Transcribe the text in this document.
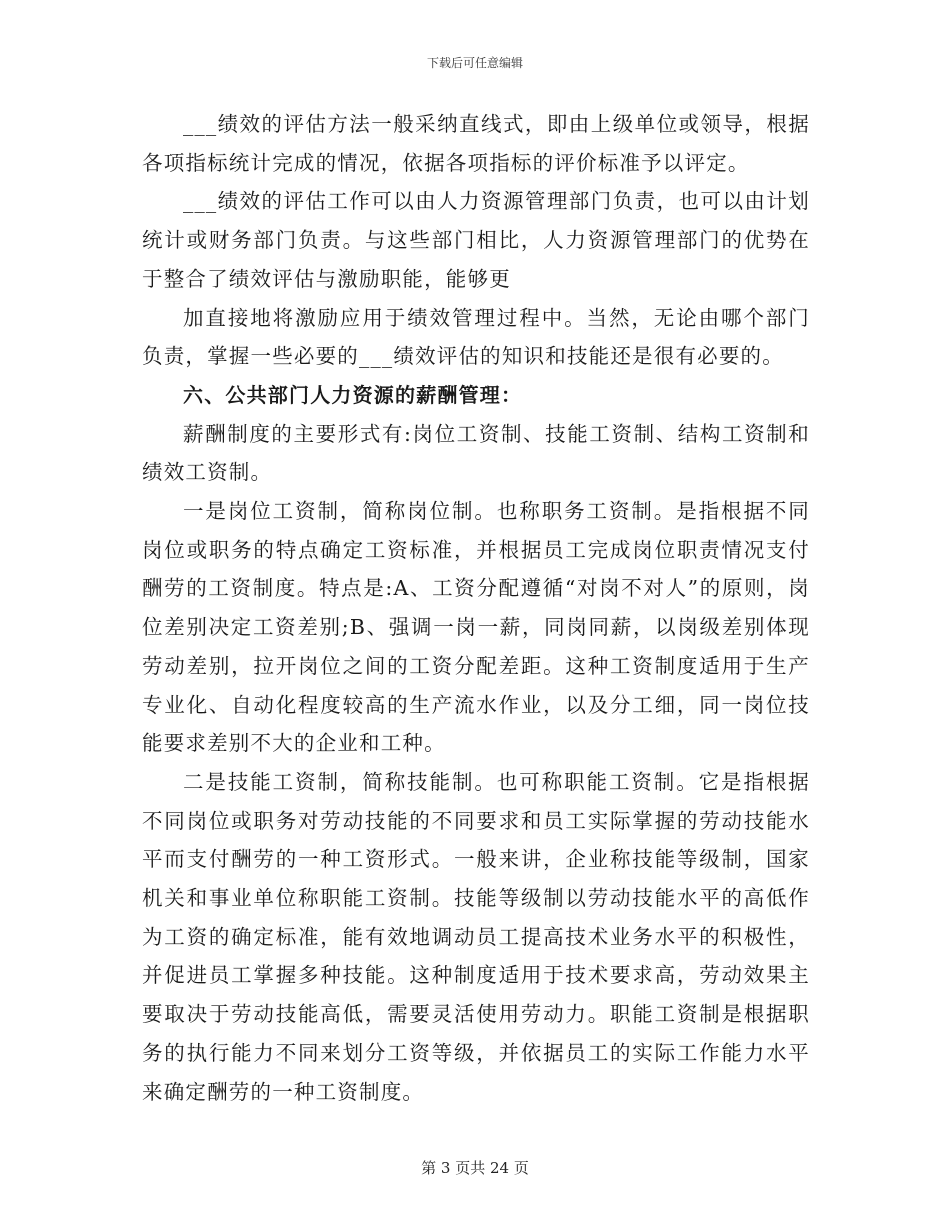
下载后可任意编辑

___绩效的评估方法一般采纳直线式，即由上级单位或领导，根据各项指标统计完成的情况，依据各项指标的评价标准予以评定。

___绩效的评估工作可以由人力资源管理部门负责，也可以由计划统计或财务部门负责。与这些部门相比，人力资源管理部门的优势在于整合了绩效评估与激励职能，能够更

加直接地将激励应用于绩效管理过程中。当然，无论由哪个部门负责，掌握一些必要的___绩效评估的知识和技能还是很有必要的。

六、公共部门人力资源的薪酬管理：

薪酬制度的主要形式有:岗位工资制、技能工资制、结构工资制和绩效工资制。

一是岗位工资制，简称岗位制。也称职务工资制。是指根据不同岗位或职务的特点确定工资标准，并根据员工完成岗位职责情况支付酬劳的工资制度。特点是:A、工资分配遵循“对岗不对人”的原则，岗位差别决定工资差别;B、强调一岗一薪，同岗同薪，以岗级差别体现劳动差别，拉开岗位之间的工资分配差距。这种工资制度适用于生产专业化、自动化程度较高的生产流水作业，以及分工细，同一岗位技能要求差别不大的企业和工种。

二是技能工资制，简称技能制。也可称职能工资制。它是指根据不同岗位或职务对劳动技能的不同要求和员工实际掌握的劳动技能水平而支付酬劳的一种工资形式。一般来讲，企业称技能等级制，国家机关和事业单位称职能工资制。技能等级制以劳动技能水平的高低作为工资的确定标准，能有效地调动员工提高技术业务水平的积极性，并促进员工掌握多种技能。这种制度适用于技术要求高，劳动效果主要取决于劳动技能高低，需要灵活使用劳动力。职能工资制是根据职务的执行能力不同来划分工资等级，并依据员工的实际工作能力水平来确定酬劳的一种工资制度。

第 3 页共 24 页
